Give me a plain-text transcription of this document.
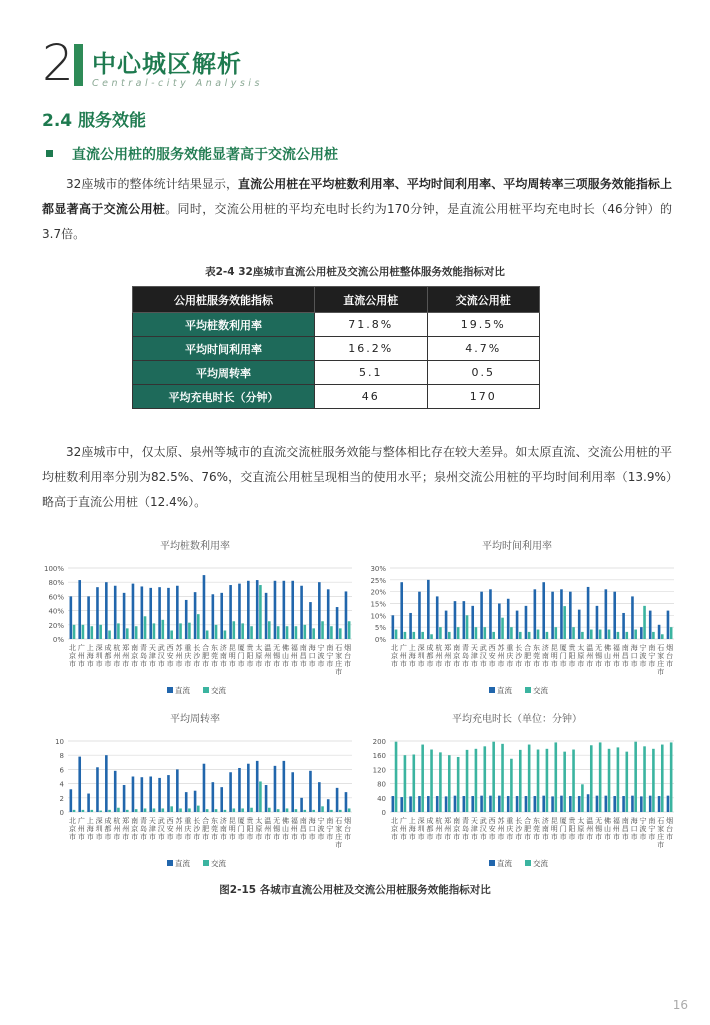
2 中心城区解析
Central-city Analysis
2.4 服务效能
直流公用桩的服务效能显著高于交流公用桩
32座城市的整体统计结果显示，直流公用桩在平均桩数利用率、平均时间利用率、平均周转率三项服务效能指标上都显著高于交流公用桩。同时，交流公用桩的平均充电时长约为170分钟，是直流公用桩平均充电时长（46分钟）的3.7倍。
表2-4 32座城市直流公用桩及交流公用桩整体服务效能指标对比
公用桩服务效能指标	直流公用桩	交流公用桩
平均桩数利用率	71.8%	19.5%
平均时间利用率	16.2%	4.7%
平均周转率	5.1	0.5
平均充电时长（分钟）	46	170
32座城市中，仅太原、泉州等城市的直流交流桩服务效能与整体相比存在较大差异。如太原直流、交流公用桩的平均桩数利用率分别为82.5%、76%，交直流公用桩呈现相当的使用水平；泉州交流公用桩的平均时间利用率（13.9%）略高于直流公用桩（12.4%）。
平均桩数利用率
0%
20%
40%
60%
80%
100%
北京市
广州市
上海市
深圳市
成都市
杭州市
郑州市
南京市
青岛市
天津市
武汉市
西安市
苏州市
重庆市
长沙市
合肥市
东莞市
济南市
昆明市
厦门市
贵阳市
太原市
温州市
无锡市
佛山市
福州市
南昌市
海口市
宁波市
南宁市
石家庄市
烟台市
直流	交流
平均时间利用率
0%
5%
10%
15%
20%
25%
30%
北京市
广州市
上海市
深圳市
成都市
杭州市
郑州市
南京市
青岛市
天津市
武汉市
西安市
苏州市
重庆市
长沙市
合肥市
东莞市
济南市
昆明市
厦门市
贵阳市
太原市
温州市
无锡市
佛山市
福州市
南昌市
海口市
宁波市
南宁市
石家庄市
烟台市
直流	交流
平均周转率
0
2
4
6
8
10
北京市
广州市
上海市
深圳市
成都市
杭州市
郑州市
南京市
青岛市
天津市
武汉市
西安市
苏州市
重庆市
长沙市
合肥市
东莞市
济南市
昆明市
厦门市
贵阳市
太原市
温州市
无锡市
佛山市
福州市
南昌市
海口市
宁波市
南宁市
石家庄市
烟台市
直流	交流
平均充电时长（单位：分钟）
0
40
80
120
160
200
北京市
广州市
上海市
深圳市
成都市
杭州市
郑州市
南京市
青岛市
天津市
武汉市
西安市
苏州市
重庆市
长沙市
合肥市
东莞市
济南市
昆明市
厦门市
贵阳市
太原市
温州市
无锡市
佛山市
福州市
南昌市
海口市
宁波市
南宁市
石家庄市
烟台市
直流	交流
图2-15 各城市直流公用桩及交流公用桩服务效能指标对比
16
